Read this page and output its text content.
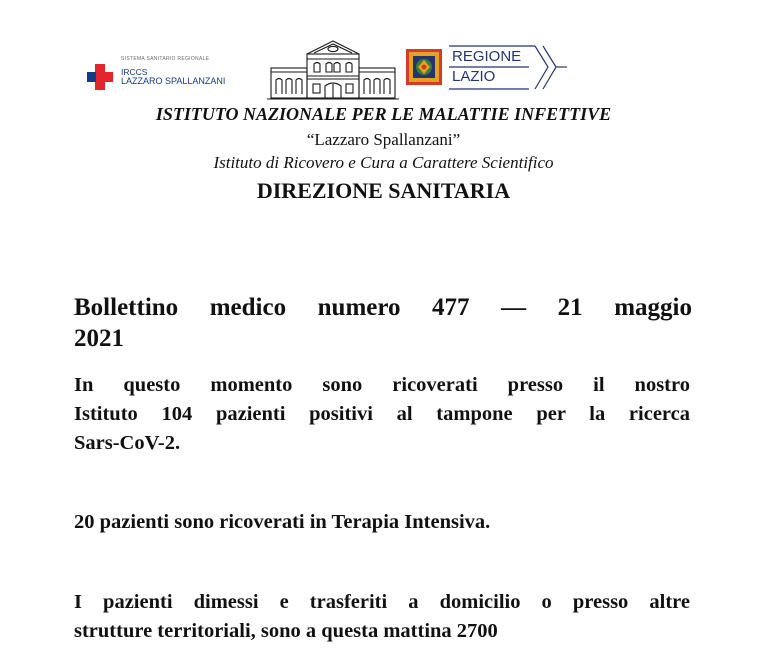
SISTEMA SANITARIO REGIONALE
IRCCS
LAZZARO SPALLANZANI
REGIONE
LAZIO
ISTITUTO NAZIONALE PER LE MALATTIE INFETTIVE
“Lazzaro Spallanzani”
Istituto di Ricovero e Cura a Carattere Scientifico
DIREZIONE SANITARIA
Bollettino medico numero 477 — 21 maggio
2021
In questo momento sono ricoverati presso il nostro
Istituto 104 pazienti positivi al tampone per la ricerca
Sars-CoV-2.
20 pazienti sono ricoverati in Terapia Intensiva.
I pazienti dimessi e trasferiti a domicilio o presso altre
strutture territoriali, sono a questa mattina 2700
